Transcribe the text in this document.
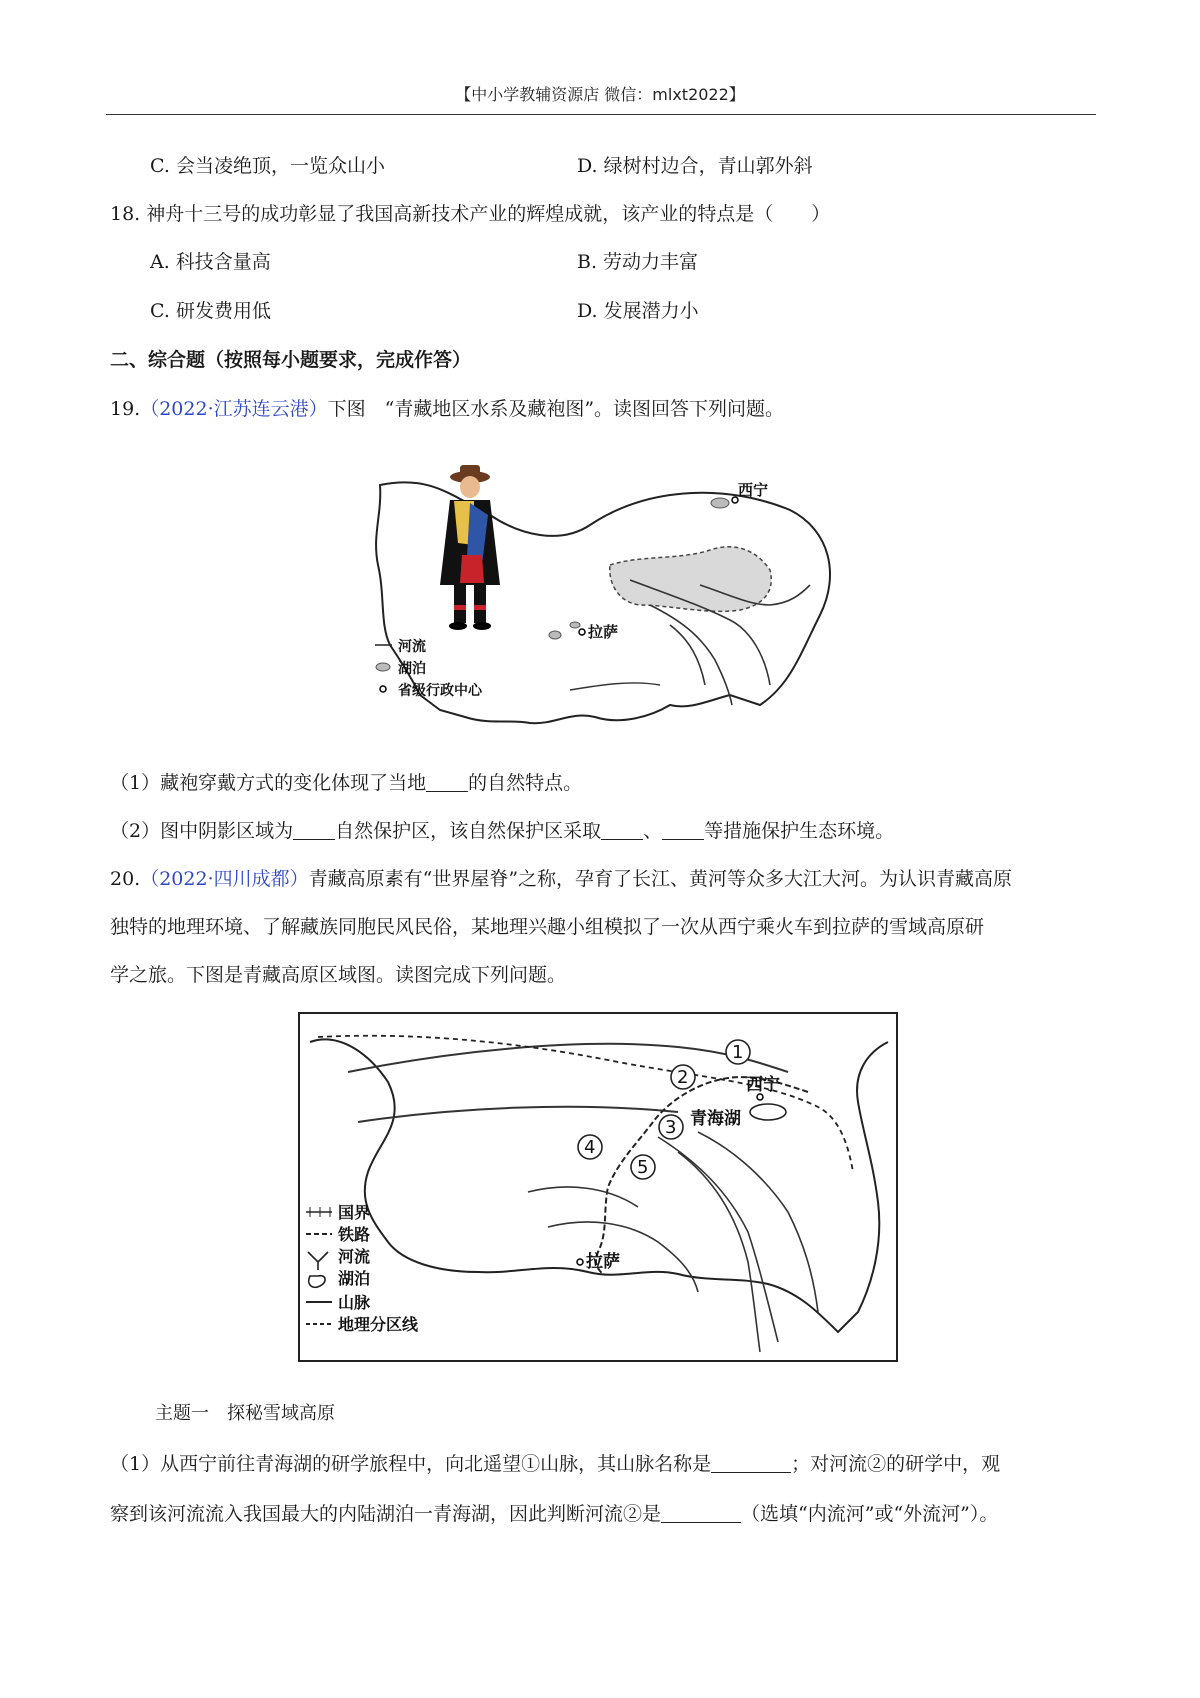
【中小学教辅资源店 微信：mlxt2022】
C. 会当凌绝顶，一览众山小	D. 绿树村边合，青山郭外斜
18. 神舟十三号的成功彰显了我国高新技术产业的辉煌成就，该产业的特点是（　　）
A. 科技含量高	B. 劳动力丰富
C. 研发费用低	D. 发展潜力小
二、综合题（按照每小题要求，完成作答）
19.（2022·江苏连云港）下图　“青藏地区水系及藏袍图”。读图回答下列问题。
西宁
拉萨
河流
湖泊
省级行政中心
（1）藏袍穿戴方式的变化体现了当地 的自然特点。
（2）图中阴影区域为 自然保护区，该自然保护区采取 、 等措施保护生态环境。
20.（2022·四川成都）青藏高原素有“世界屋脊”之称，孕育了长江、黄河等众多大江大河。为认识青藏高原
独特的地理环境、了解藏族同胞民风民俗，某地理兴趣小组模拟了一次从西宁乘火车到拉萨的雪域高原研
学之旅。下图是青藏高原区域图。读图完成下列问题。
1
2
3
4
5
西宁
青海湖
拉萨
国界
铁路
河流
湖泊
山脉
地理分区线
主题一　探秘雪域高原
（1）从西宁前往青海湖的研学旅程中，向北遥望①山脉，其山脉名称是	；对河流②的研学中，观
察到该河流流入我国最大的内陆湖泊一青海湖，因此判断河流②是	（选填“内流河”或“外流河”）。
